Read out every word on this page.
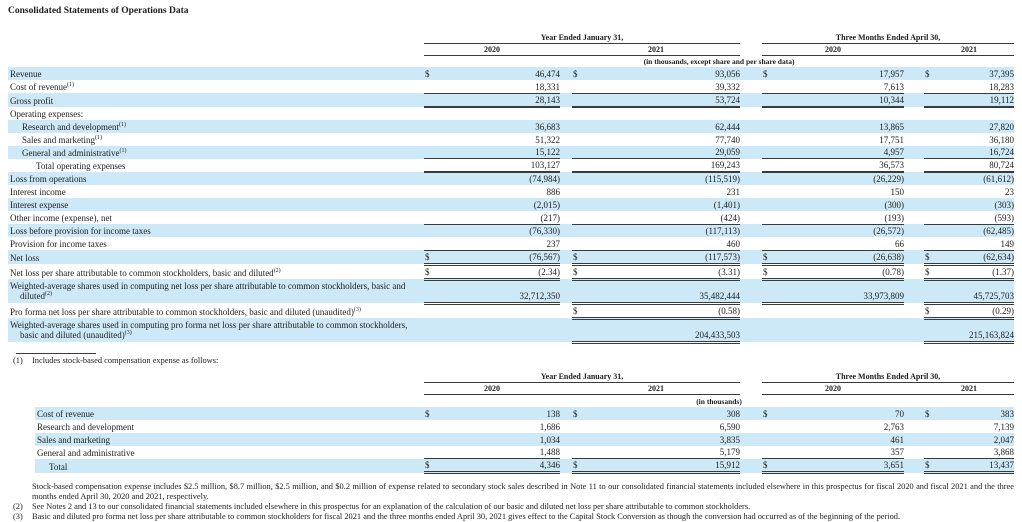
Consolidated Statements of Operations Data
	Year Ended January 31,						Three Months Ended April 30,				
	2020			2021			2020			2021	
	(in thousands, except share and per share data)										
Revenue	$	46,474		$	93,056		$	17,957		$	37,395
Cost of revenue$^{(1)}$		18,331			39,332			7,613			18,283
Gross profit		28,143			53,724			10,344			19,112
Operating expenses:											
Research and development$^{(1)}$		36,683			62,444			13,865			27,820
Sales and marketing$^{(1)}$		51,322			77,740			17,751			36,180
General and administrative$^{(1)}$		15,122			29,059			4,957			16,724
Total operating expenses		103,127			169,243			36,573			80,724
Loss from operations		(74,984)			(115,519)			(26,229)			(61,612)
Interest income		886			231			150			23
Interest expense		(2,015)			(1,401)			(300)			(303)
Other income (expense), net		(217)			(424)			(193)			(593)
Loss before provision for income taxes		(76,330)			(117,113)			(26,572)			(62,485)
Provision for income taxes		237			460			66			149
Net loss	$	(76,567)		$	(117,573)		$	(26,638)		$	(62,634)
Net loss per share attributable to common stockholders, basic and diluted$^{(2)}$	$	(2.34)		$	(3.31)		$	(0.78)		$	(1.37)
Weighted-average shares used in computing net loss per share attributable to common stockholders, basic and diluted$^{(2)}$		32,712,350			35,482,444			33,973,809			45,725,703
Pro forma net loss per share attributable to common stockholders, basic and diluted (unaudited)$^{(3)}$				$	(0.58)					$	(0.29)
Weighted-average shares used in computing pro forma net loss per share attributable to common stockholders, basic and diluted (unaudited)$^{(3)}$					204,433,503						215,163,824
(1)	Includes stock-based compensation expense as follows:
	Year Ended January 31,						Three Months Ended April 30,				
	2020			2021			2020			2021	
	(in thousands)										
Cost of revenue	$	138		$	308		$	70		$	383
Research and development		1,686			6,590			2,763			7,139
Sales and marketing		1,034			3,835			461			2,047
General and administrative		1,488			5,179			357			3,868
Total	$	4,346		$	15,912		$	3,651		$	13,437
Stock-based compensation expense includes $2.5 million, $8.7 million, $2.5 million, and $0.2 million of expense related to secondary stock sales described in Note 11 to our consolidated financial statements included elsewhere in this prospectus for fiscal 2020 and fiscal 2021 and the three months ended April 30, 2020 and 2021, respectively.
(2)	See Notes 2 and 13 to our consolidated financial statements included elsewhere in this prospectus for an explanation of the calculation of our basic and diluted net loss per share attributable to common stockholders.
(3)	Basic and diluted pro forma net loss per share attributable to common stockholders for fiscal 2021 and the three months ended April 30, 2021 gives effect to the Capital Stock Conversion as though the conversion had occurred as of the beginning of the period.
